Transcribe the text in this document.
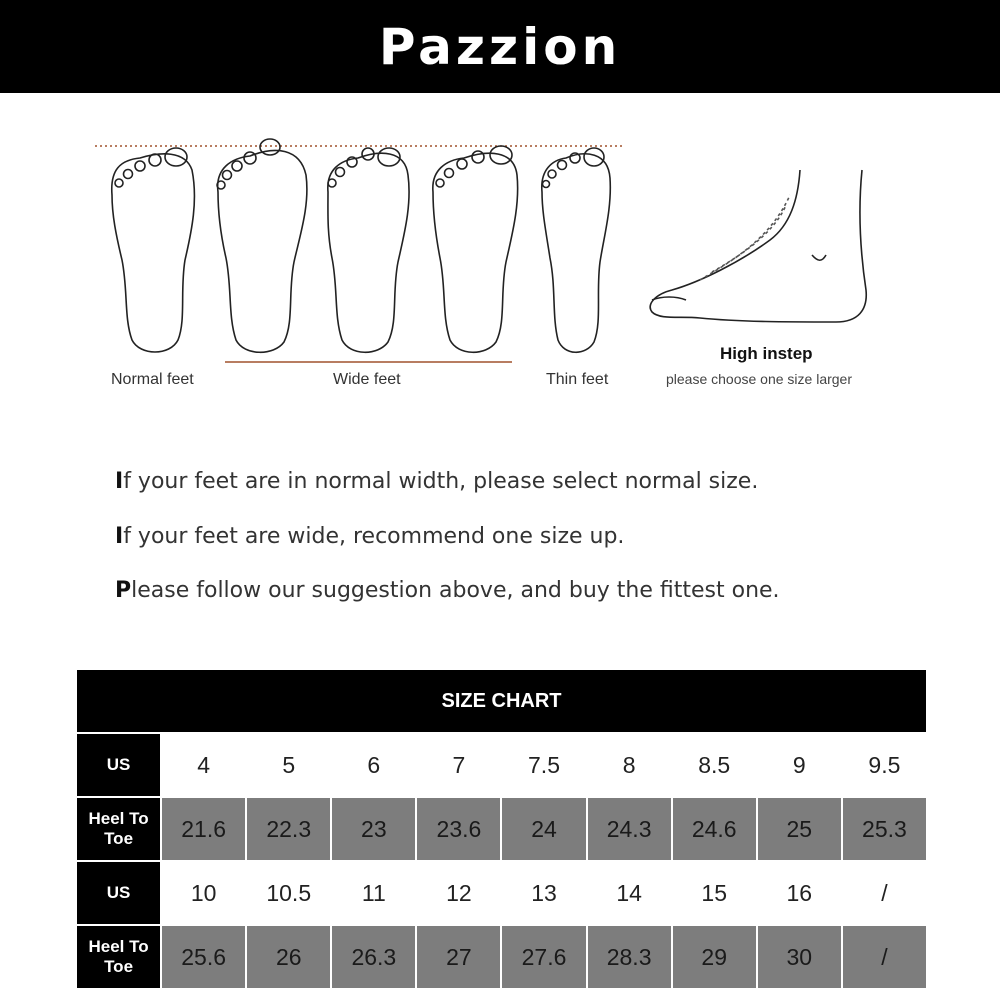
Pazzion
Normal feet	Wide feet	Thin feet
High instep
please choose one size larger
If your feet are in normal width, please select normal size.
If your feet are wide, recommend one size up.
Please follow our suggestion above, and buy the fittest one.
SIZE CHART									
US	4	5	6	7	7.5	8	8.5	9	9.5
Heel To Toe	21.6	22.3	23	23.6	24	24.3	24.6	25	25.3
US	10	10.5	11	12	13	14	15	16	/
Heel To Toe	25.6	26	26.3	27	27.6	28.3	29	30	/
